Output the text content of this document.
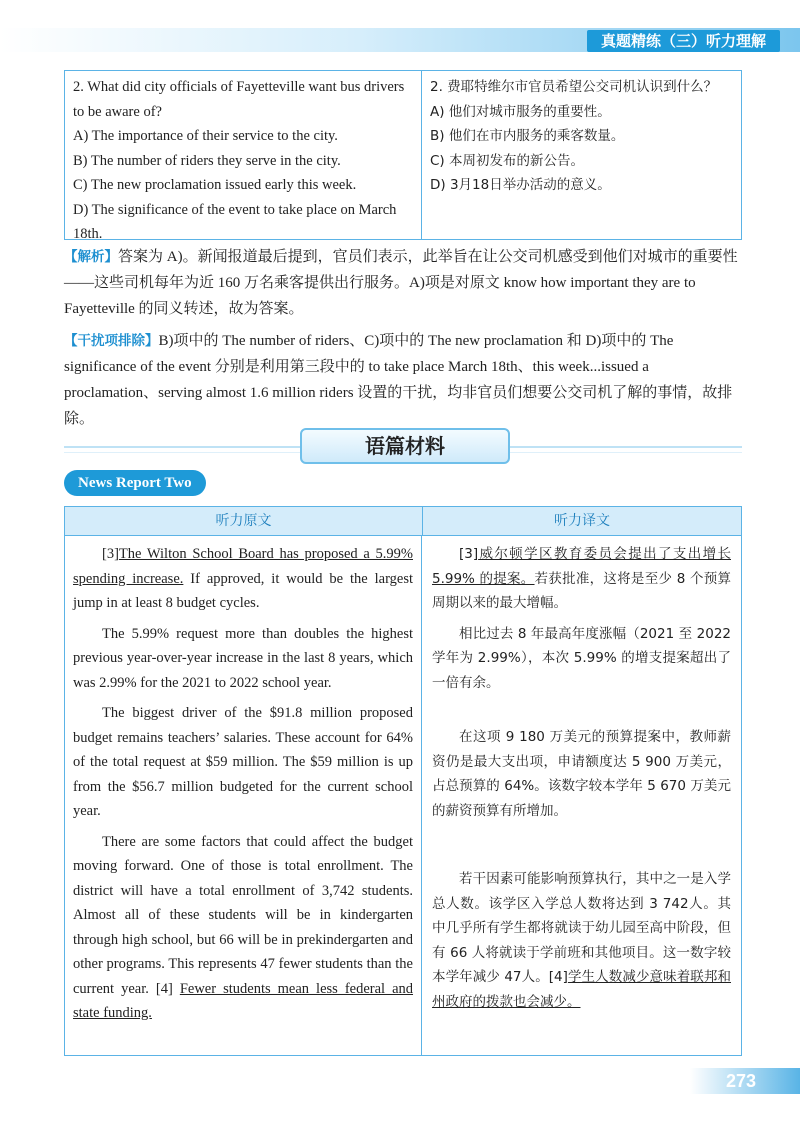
真题精练（三）听力理解

2. What did city officials of Fayetteville want bus drivers to be aware of?

A) The importance of their service to the city.

B) The number of riders they serve in the city.

C) The new proclamation issued early this week.

D) The significance of the event to take place on March 18th.

2. 费耶特维尔市官员希望公交司机认识到什么？

A) 他们对城市服务的重要性。

B) 他们在市内服务的乘客数量。

C) 本周初发布的新公告。

D) 3月18日举办活动的意义。

【解析】答案为 A)。新闻报道最后提到，官员们表示，此举旨在让公交司机感受到他们对城市的重要性——这些司机每年为近 160 万名乘客提供出行服务。A)项是对原文 know how important they are to Fayetteville 的同义转述，故为答案。

【干扰项排除】B)项中的 The number of riders、C)项中的 The new proclamation 和 D)项中的 The significance of the event 分别是利用第三段中的 to take place March 18th、this week...issued a proclamation、serving almost 1.6 million riders 设置的干扰，均非官员们想要公交司机了解的事情，故排除。

语篇材料
News Report Two
听力原文	听力译文

[3]The Wilton School Board has proposed a 5.99% spending increase. If approved, it would be the largest jump in at least 8 budget cycles.

The 5.99% request more than doubles the highest previous year-over-year increase in the last 8 years, which was 2.99% for the 2021 to 2022 school year.

The biggest driver of the $91.8 million proposed budget remains teachers’ salaries. These account for 64% of the total request at $59 million. The $59 million is up from the $56.7 million budgeted for the current school year.

There are some factors that could affect the budget moving forward. One of those is total enrollment. The district will have a total enrollment of 3,742 students. Almost all of these students will be in kindergarten through high school, but 66 will be in prekindergarten and other programs. This represents 47 fewer students than the current year. [4] Fewer students mean less federal and state funding.

[3]威尔顿学区教育委员会提出了支出增长 5.99% 的提案。若获批准，这将是至少 8 个预算周期以来的最大增幅。

相比过去 8 年最高年度涨幅（2021 至 2022 学年为 2.99%），本次 5.99% 的增支提案超出了一倍有余。

在这项 9 180 万美元的预算提案中，教师薪资仍是最大支出项，申请额度达 5 900 万美元，占总预算的 64%。该数字较本学年 5 670 万美元的薪资预算有所增加。

若干因素可能影响预算执行，其中之一是入学总人数。该学区入学总人数将达到 3 742人。其中几乎所有学生都将就读于幼儿园至高中阶段，但有 66 人将就读于学前班和其他项目。这一数字较本学年减少 47人。[4]学生人数减少意味着联邦和州政府的拨款也会减少。

273
